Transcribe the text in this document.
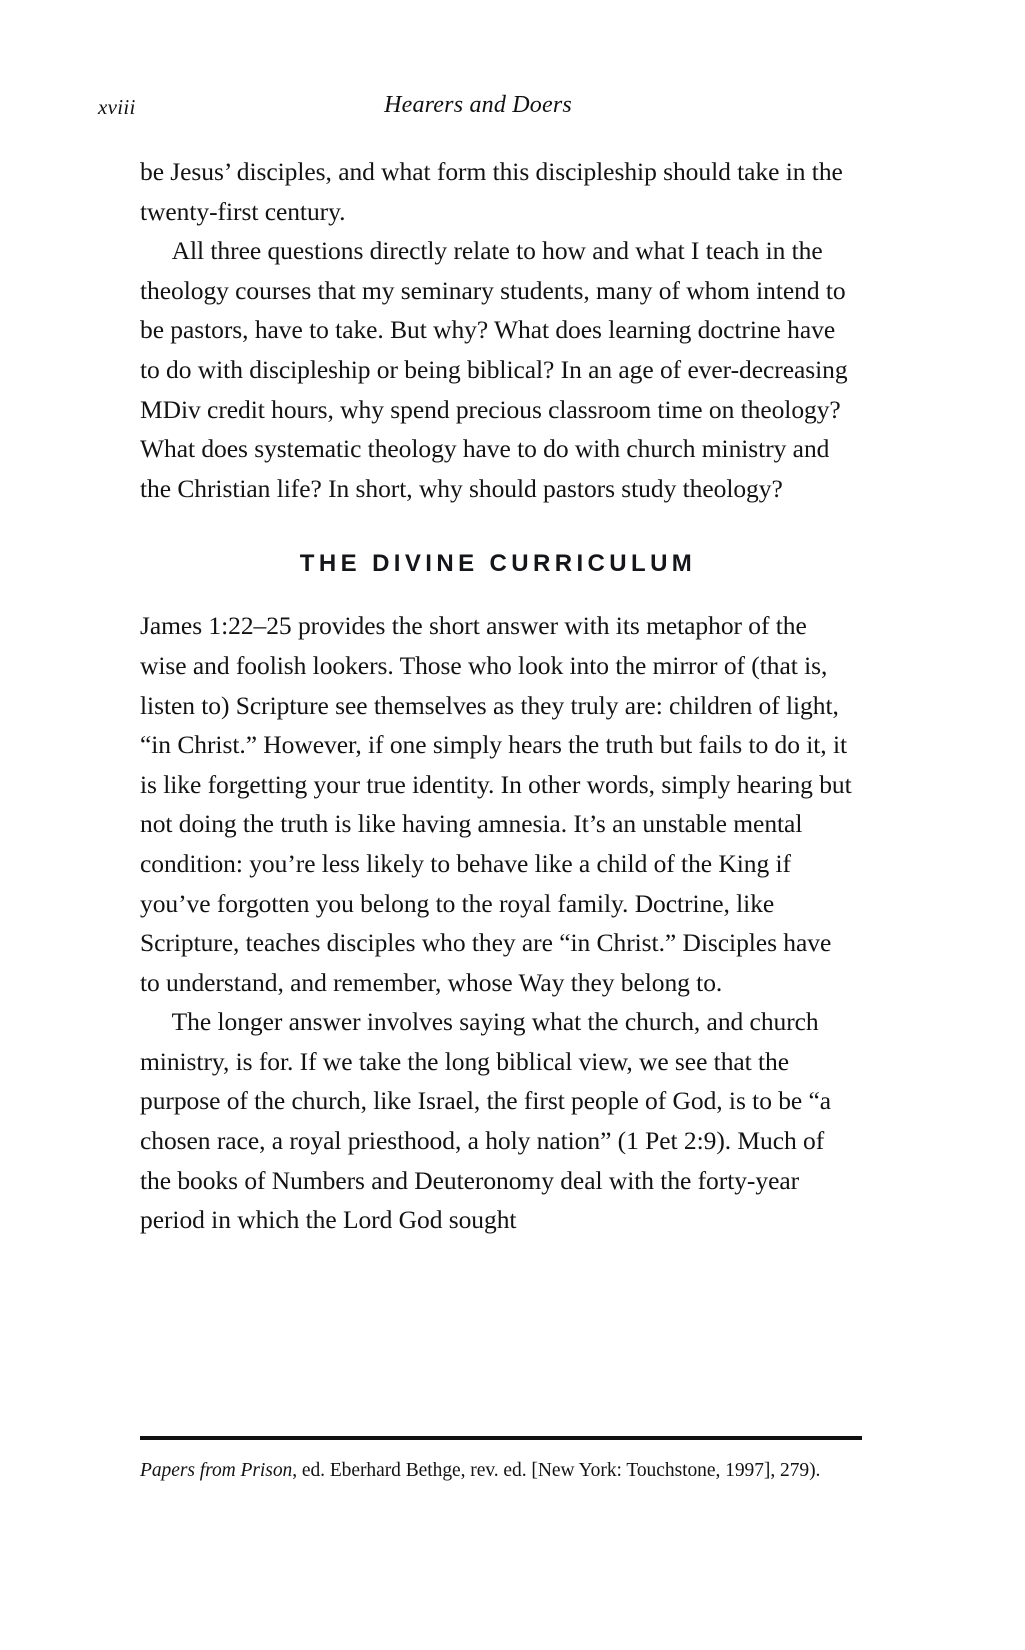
xviii	Hearers and Doers

be Jesus’ disciples, and what form this discipleship should take in the twenty-first century.

All three questions directly relate to how and what I teach in the theology courses that my seminary students, many of whom intend to be pastors, have to take. But why? What does learning doctrine have to do with discipleship or being biblical? In an age of ever-decreasing MDiv credit hours, why spend precious classroom time on theology? What does systematic theology have to do with church ministry and the Christian life? In short, why should pastors study theology?

THE DIVINE CURRICULUM

James 1:22–25 provides the short answer with its metaphor of the wise and foolish lookers. Those who look into the mirror of (that is, listen to) Scripture see themselves as they truly are: children of light, “in Christ.” However, if one simply hears the truth but fails to do it, it is like forgetting your true identity. In other words, simply hearing but not doing the truth is like having amnesia. It’s an unstable mental condition: you’re less likely to behave like a child of the King if you’ve forgotten you belong to the royal family. Doctrine, like Scripture, teaches disciples who they are “in Christ.” Disciples have to understand, and remember, whose Way they belong to.

The longer answer involves saying what the church, and church ministry, is for. If we take the long biblical view, we see that the purpose of the church, like Israel, the first people of God, is to be “a chosen race, a royal priesthood, a holy nation” (1 Pet 2:9). Much of the books of Numbers and Deuteronomy deal with the forty-year period in which the Lord God sought

Papers from Prison, ed. Eberhard Bethge, rev. ed. [New York: Touchstone, 1997], 279).
